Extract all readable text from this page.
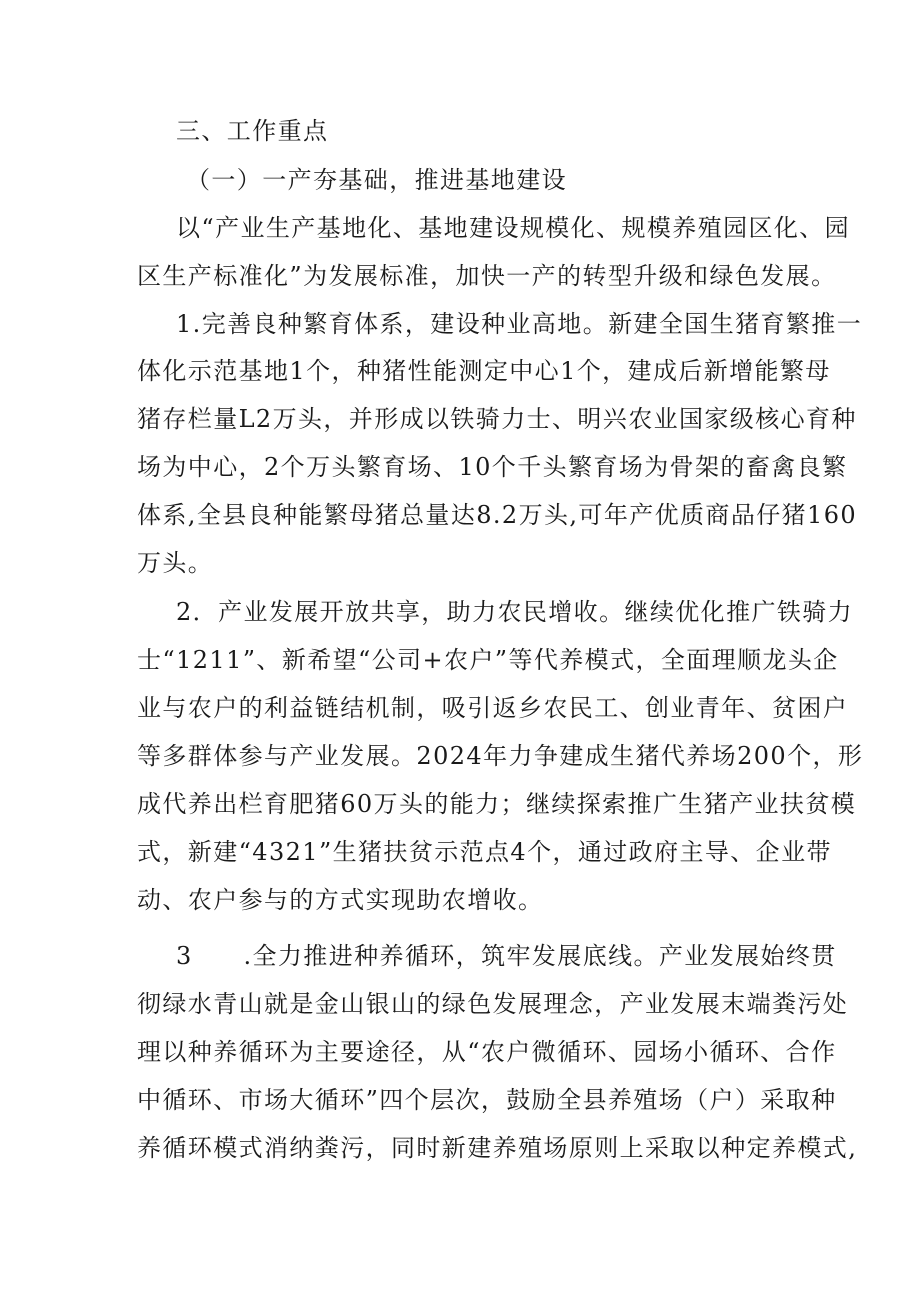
三、工作重点
（一）一产夯基础，推进基地建设
以“产业生产基地化、基地建设规模化、规模养殖园区化、园
区生产标准化”为发展标准，加快一产的转型升级和绿色发展。
1.完善良种繁育体系，建设种业高地。新建全国生猪育繁推一
体化示范基地1个，种猪性能测定中心1个，建成后新增能繁母
猪存栏量L2万头，并形成以铁骑力士、明兴农业国家级核心育种
场为中心，2个万头繁育场、10个千头繁育场为骨架的畜禽良繁
体系,全县良种能繁母猪总量达8.2万头,可年产优质商品仔猪160
万头。
2．产业发展开放共享，助力农民增收。继续优化推广铁骑力
士“1211”、新希望“公司+农户”等代养模式，全面理顺龙头企
业与农户的利益链结机制，吸引返乡农民工、创业青年、贫困户
等多群体参与产业发展。2024年力争建成生猪代养场200个，形
成代养出栏育肥猪60万头的能力；继续探索推广生猪产业扶贫模
式，新建“4321”生猪扶贫示范点4个，通过政府主导、企业带
动、农户参与的方式实现助农增收。
3　　.全力推进种养循环，筑牢发展底线。产业发展始终贯
彻绿水青山就是金山银山的绿色发展理念，产业发展末端粪污处
理以种养循环为主要途径，从“农户微循环、园场小循环、合作
中循环、市场大循环”四个层次，鼓励全县养殖场（户）采取种
养循环模式消纳粪污，同时新建养殖场原则上采取以种定养模式,
